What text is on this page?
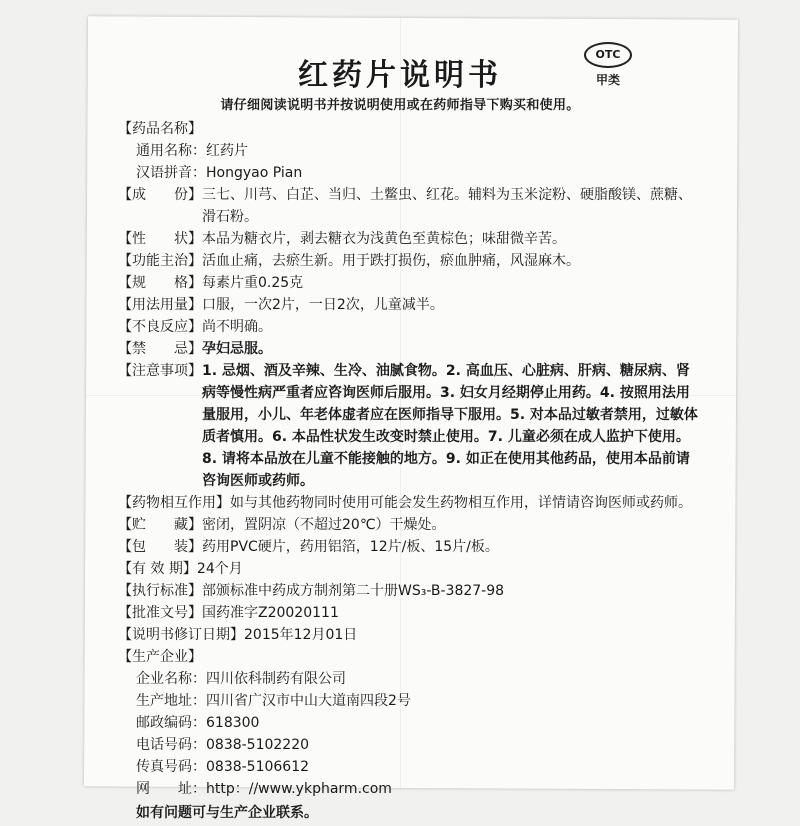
红药片说明书
OTC
甲类
请仔细阅读说明书并按说明使用或在药师指导下购买和使用。
【药品名称】
通用名称： 红药片
汉语拼音： Hongyao Pian
【成　　份】 三七、川芎、白芷、当归、土鳖虫、红花。辅料为玉米淀粉、硬脂酸镁、蔗糖、滑石粉。
【性　　状】 本品为糖衣片，剥去糖衣为浅黄色至黄棕色；味甜微辛苦。
【功能主治】 活血止痛，去瘀生新。用于跌打损伤，瘀血肿痛，风湿麻木。
【规　　格】 每素片重0.25克
【用法用量】 口服，一次2片，一日2次，儿童减半。
【不良反应】 尚不明确。
【禁　　忌】 孕妇忌服。
【注意事项】 1. 忌烟、酒及辛辣、生冷、油腻食物。2. 高血压、心脏病、肝病、糖尿病、肾病等慢性病严重者应咨询医师后服用。3. 妇女月经期停止用药。4. 按照用法用量服用，小儿、年老体虚者应在医师指导下服用。5. 对本品过敏者禁用，过敏体质者慎用。6. 本品性状发生改变时禁止使用。7. 儿童必须在成人监护下使用。8. 请将本品放在儿童不能接触的地方。9. 如正在使用其他药品，使用本品前请咨询医师或药师。
【药物相互作用】 如与其他药物同时使用可能会发生药物相互作用，详情请咨询医师或药师。
【贮　　藏】 密闭，置阴凉（不超过20℃）干燥处。
【包　　装】 药用PVC硬片，药用铝箔，12片/板、15片/板。
【有 效 期】 24个月
【执行标准】 部颁标准中药成方制剂第二十册WS₃-B-3827-98
【批准文号】 国药准字Z20020111
【说明书修订日期】 2015年12月01日
【生产企业】
企业名称： 四川依科制药有限公司
生产地址： 四川省广汉市中山大道南四段2号
邮政编码： 618300
电话号码： 0838-5102220
传真号码： 0838-5106612
网　　址： http：//www.ykpharm.com
如有问题可与生产企业联系。
